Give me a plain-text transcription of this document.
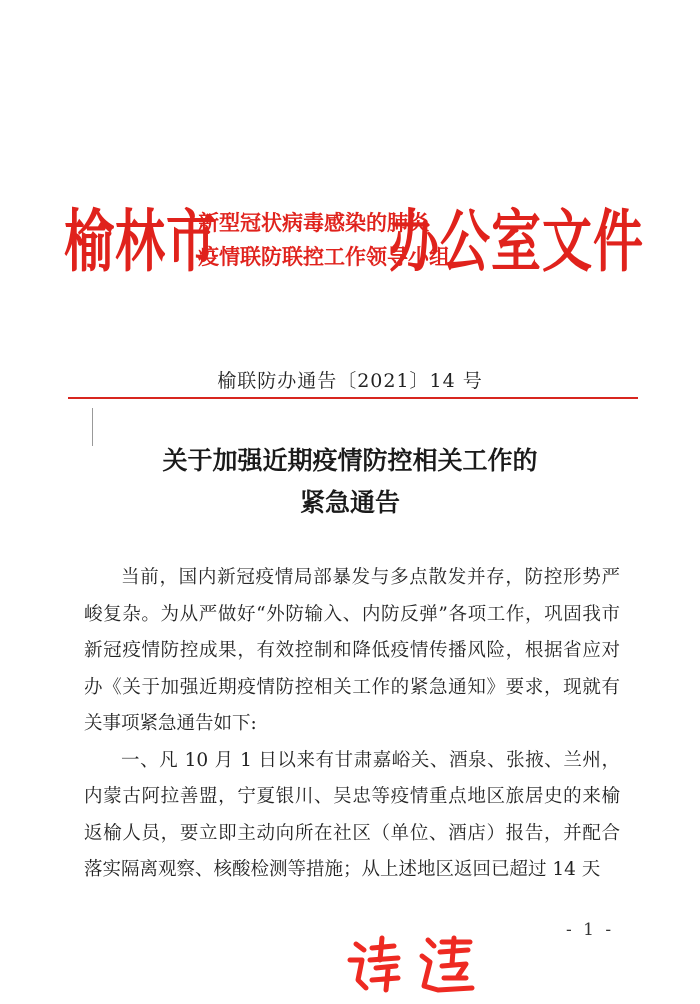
榆林市
新型冠状病毒感染的肺炎
疫情联防联控工作领导小组
办公室文件
榆联防办通告〔2021〕14 号
关于加强近期疫情防控相关工作的
紧急通告

当前，国内新冠疫情局部暴发与多点散发并存，防控形势严峻复杂。为从严做好“外防输入、内防反弹”各项工作，巩固我市新冠疫情防控成果，有效控制和降低疫情传播风险，根据省应对办《关于加强近期疫情防控相关工作的紧急通知》要求，现就有关事项紧急通告如下:

一、凡 10 月 1 日以来有甘肃嘉峪关、酒泉、张掖、兰州，内蒙古阿拉善盟，宁夏银川、吴忠等疫情重点地区旅居史的来榆返榆人员，要立即主动向所在社区（单位、酒店）报告，并配合落实隔离观察、核酸检测等措施；从上述地区返回已超过 14 天

- 1 -
